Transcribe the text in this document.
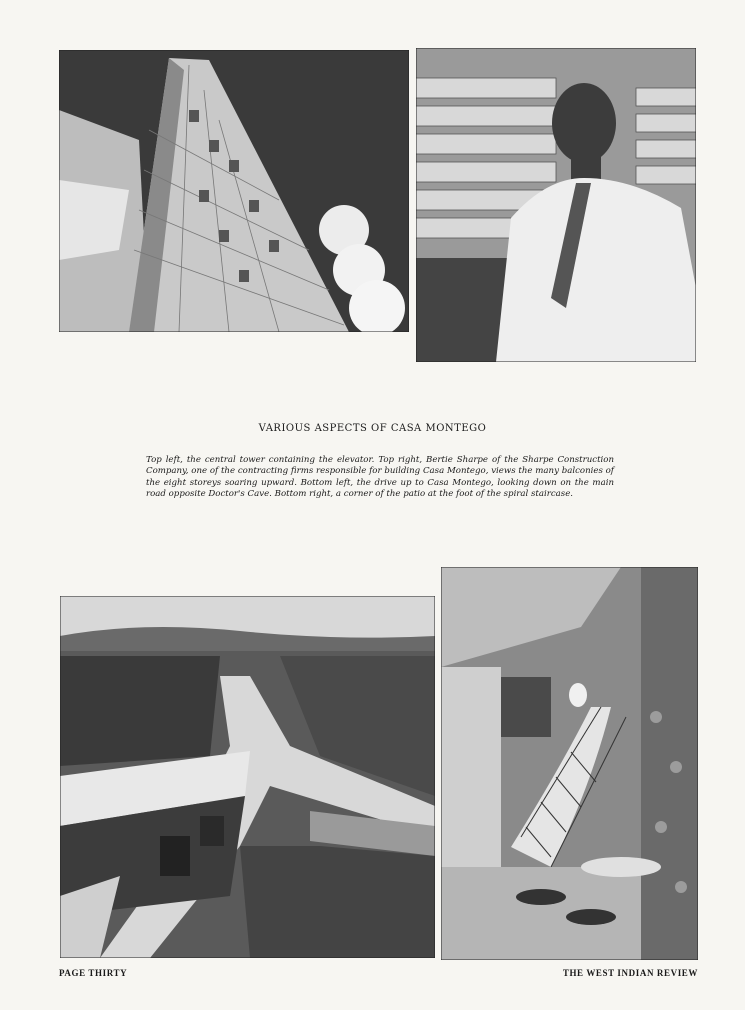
VARIOUS ASPECTS OF CASA MONTEGO
Top left, the central tower containing the elevator. Top right, Bertie Sharpe of the Sharpe Construction Company, one of the contracting firms responsible for building Casa Montego, views the many balconies of the eight storeys soaring upward. Bottom left, the drive up to Casa Montego, looking down on the main road opposite Doctor's Cave. Bottom right, a corner of the patio at the foot of the spiral staircase.
PAGE THIRTY	THE WEST INDIAN REVIEW
